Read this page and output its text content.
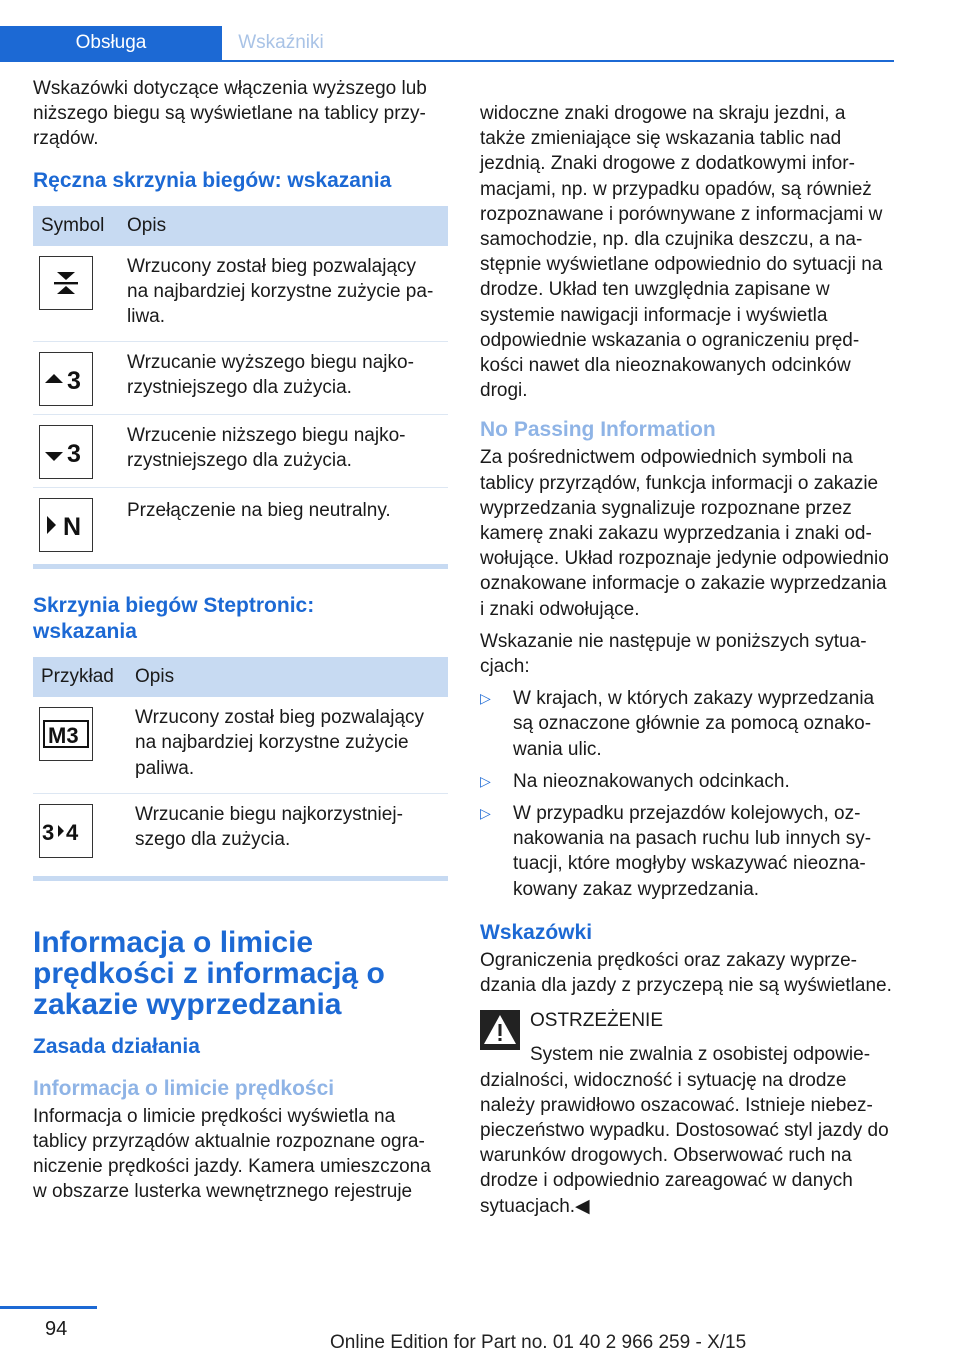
Obsługa	Wskaźniki

Wskazówki dotyczące włączenia wyższego lub niższego biegu są wyświetlane na tablicy przyrządów.

Ręczna skrzynia biegów: wskazania
Symbol	Opis

	Wrzucony został bieg pozwalający na najbardziej korzystne zużycie paliwa.

3	Wrzucanie wyższego biegu najkorzystniejszego dla zużycia.

3	Wrzucenie niższego biegu najkorzystniejszego dla zużycia.

N	Przełączenie na bieg neutralny.
Skrzynia biegów Steptronic: wskazania
Przykład	Opis

M3	Wrzucony został bieg pozwalający na najbardziej korzystne zużycie paliwa.

3 4	Wrzucanie biegu najkorzystniejszego dla zużycia.
Informacja o limicie prędkości z informacją o zakazie wyprzedzania
Zasada działania
Informacja o limicie prędkości

Informacja o limicie prędkości wyświetla na tablicy przyrządów aktualnie rozpoznane ograniczenie prędkości jazdy. Kamera umieszczona w obszarze lusterka wewnętrznego rejestruje

widoczne znaki drogowe na skraju jezdni, a także zmieniające się wskazania tablic nad jezdnią. Znaki drogowe z dodatkowymi informacjami, np. w przypadku opadów, są również rozpoznawane i porównywane z informacjami w samochodzie, np. dla czujnika deszczu, a następnie wyświetlane odpowiednio do sytuacji na drodze. Układ ten uwzględnia zapisane w systemie nawigacji informacje i wyświetla odpowiednie wskazania o ograniczeniu prędkości nawet dla nieoznakowanych odcinków drogi.

No Passing Information

Za pośrednictwem odpowiednich symboli na tablicy przyrządów, funkcja informacji o zakazie wyprzedzania sygnalizuje rozpoznane przez kamerę znaki zakazu wyprzedzania i znaki odwołujące. Układ rozpoznaje jedynie odpowiednio oznakowane informacje o zakazie wyprzedzania i znaki odwołujące.

Wskazanie nie następuje w poniższych sytuacjach:

▷ W krajach, w których zakazy wyprzedzania są oznaczone głównie za pomocą oznakowania ulic.
▷ Na nieoznakowanych odcinkach.
▷ W przypadku przejazdów kolejowych, oznakowania na pasach ruchu lub innych sytuacji, które mogłyby wskazywać nieoznakowany zakaz wyprzedzania.
Wskazówki

Ograniczenia prędkości oraz zakazy wyprzedzania dla jazdy z przyczepą nie są wyświetlane.

OSTRZEŻENIE

System nie zwalnia z osobistej odpowiedzialności, widoczność i sytuację na drodze należy prawidłowo oszacować. Istnieje niebezpieczeństwo wypadku. Dostosować styl jazdy do warunków drogowych. Obserwować ruch na drodze i odpowiednio zareagować w danych sytuacjach.◀

94
Online Edition for Part no. 01 40 2 966 259 - X/15
